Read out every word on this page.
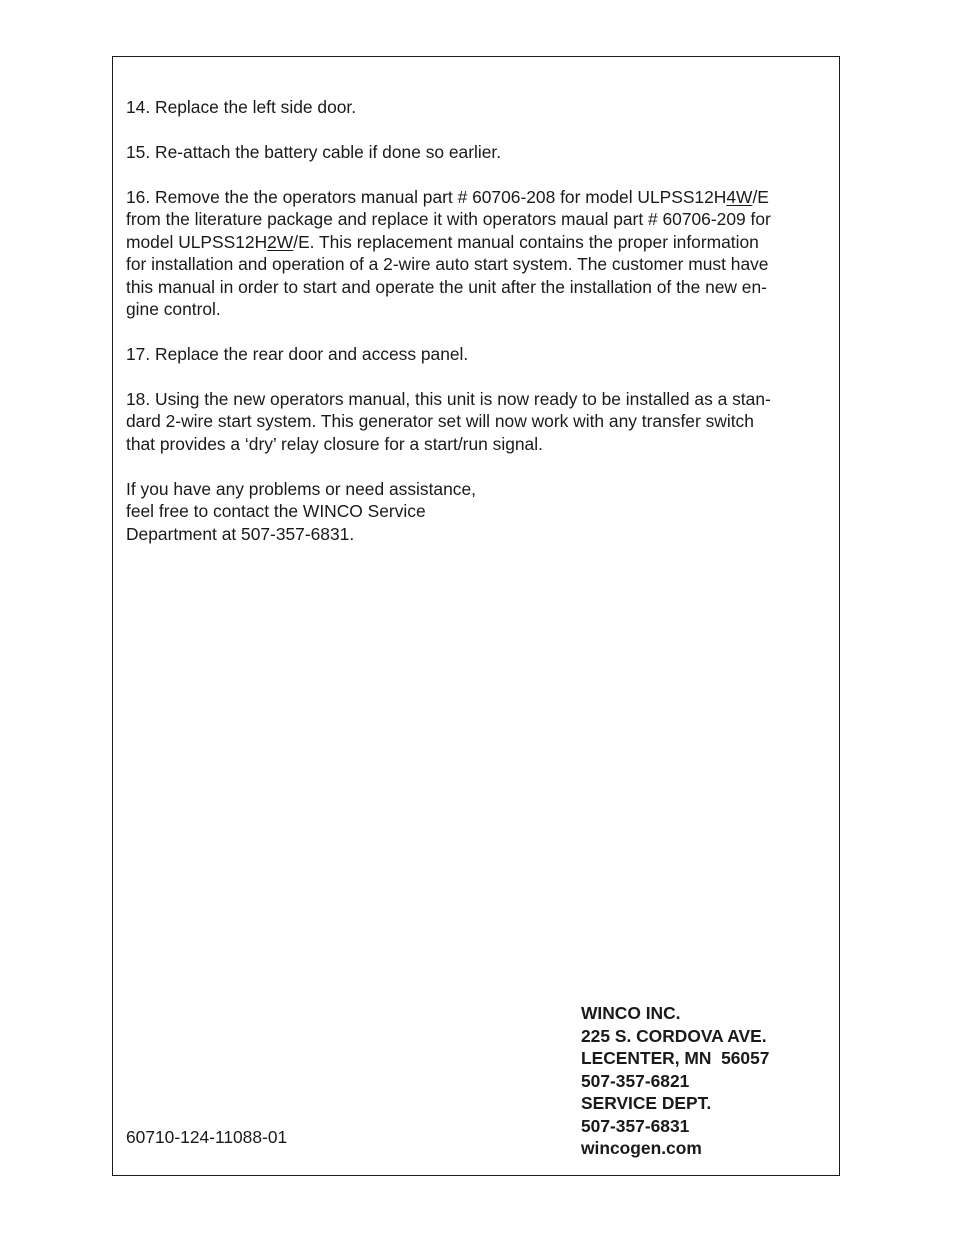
14. Replace the left side door.

15. Re-attach the battery cable if done so earlier.

16. Remove the the operators manual part # 60706-208 for model ULPSS12H4W/E
from the literature package and replace it with operators maual part # 60706-209 for
model ULPSS12H2W/E. This replacement manual contains the proper information
for installation and operation of a 2-wire auto start system. The customer must have
this manual in order to start and operate the unit after the installation of the new en-
gine control.

17. Replace the rear door and access panel.

18. Using the new operators manual, this unit is now ready to be installed as a stan-
dard 2-wire start system. This generator set will now work with any transfer switch
that provides a ‘dry’ relay closure for a start/run signal.

If you have any problems or need assistance,
feel free to contact the WINCO Service
Department at 507-357-6831.

60710-124-11088-01
WINCO INC.
225 S. CORDOVA AVE.
LECENTER, MN  56057
507-357-6821
SERVICE DEPT.
507-357-6831
wincogen.com
